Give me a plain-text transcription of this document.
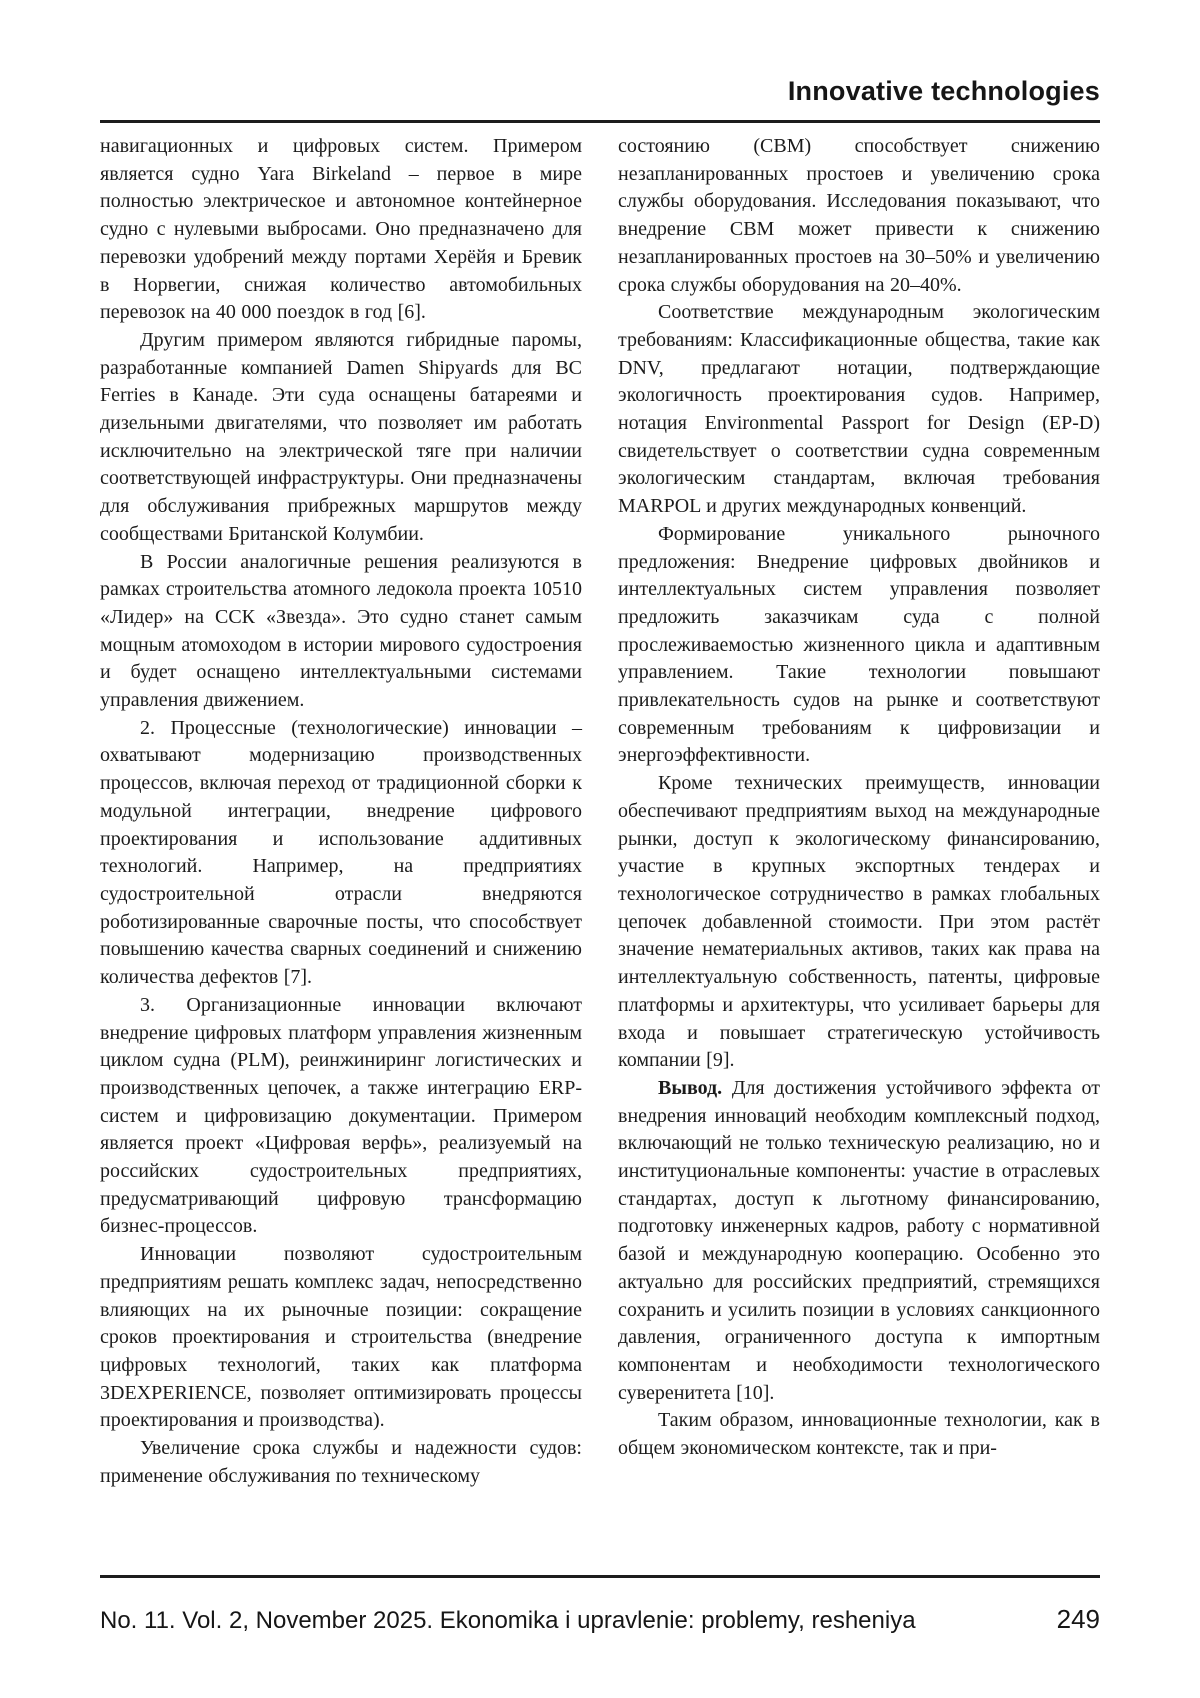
Innovative technologies

навигационных и цифровых систем. Примером является судно Yara Birkeland – первое в мире полностью электрическое и автономное контейнерное судно с нулевыми выбросами. Оно предназначено для перевозки удобрений между портами Херёйя и Бревик в Норвегии, снижая количество автомобильных перевозок на 40 000 поездок в год [6].

Другим примером являются гибридные паромы, разработанные компанией Damen Shipyards для BC Ferries в Канаде. Эти суда оснащены батареями и дизельными двигателями, что позволяет им работать исключительно на электрической тяге при наличии соответствующей инфраструктуры. Они предназначены для обслуживания прибрежных маршрутов между сообществами Британской Колумбии.

В России аналогичные решения реализуются в рамках строительства атомного ледокола проекта 10510 «Лидер» на ССК «Звезда». Это судно станет самым мощным атомоходом в истории мирового судостроения и будет оснащено интеллектуальными системами управления движением.

2. Процессные (технологические) инновации – охватывают модернизацию производственных процессов, включая переход от традиционной сборки к модульной интеграции, внедрение цифрового проектирования и использование аддитивных технологий. Например, на предприятиях судостроительной отрасли внедряются роботизированные сварочные посты, что способствует повышению качества сварных соединений и снижению количества дефектов [7].

3. Организационные инновации включают внедрение цифровых платформ управления жизненным циклом судна (PLM), реинжиниринг логистических и производственных цепочек, а также интеграцию ERP-систем и цифровизацию документации. Примером является проект «Цифровая верфь», реализуемый на российских судостроительных предприятиях, предусматривающий цифровую трансформацию бизнес-процессов.

Инновации позволяют судостроительным предприятиям решать комплекс задач, непосредственно влияющих на их рыночные позиции: сокращение сроков проектирования и строительства (внедрение цифровых технологий, таких как платформа 3DEXPERIENCE, позволяет оптимизировать процессы проектирования и производства).

Увеличение срока службы и надежности судов: применение обслуживания по техническому

состоянию (CBM) способствует снижению незапланированных простоев и увеличению срока службы оборудования. Исследования показывают, что внедрение CBM может привести к снижению незапланированных простоев на 30–50% и увеличению срока службы оборудования на 20–40%.

Соответствие международным экологическим требованиям: Классификационные общества, такие как DNV, предлагают нотации, подтверждающие экологичность проектирования судов. Например, нотация Environmental Passport for Design (EP-D) свидетельствует о соответствии судна современным экологическим стандартам, включая требования MARPOL и других международных конвенций.

Формирование уникального рыночного предложения: Внедрение цифровых двойников и интеллектуальных систем управления позволяет предложить заказчикам суда с полной прослеживаемостью жизненного цикла и адаптивным управлением. Такие технологии повышают привлекательность судов на рынке и соответствуют современным требованиям к цифровизации и энергоэффективности.

Кроме технических преимуществ, инновации обеспечивают предприятиям выход на международные рынки, доступ к экологическому финансированию, участие в крупных экспортных тендерах и технологическое сотрудничество в рамках глобальных цепочек добавленной стоимости. При этом растёт значение нематериальных активов, таких как права на интеллектуальную собственность, патенты, цифровые платформы и архитектуры, что усиливает барьеры для входа и повышает стратегическую устойчивость компании [9].

Вывод. Для достижения устойчивого эффекта от внедрения инноваций необходим комплексный подход, включающий не только техническую реализацию, но и институциональные компоненты: участие в отраслевых стандартах, доступ к льготному финансированию, подготовку инженерных кадров, работу с нормативной базой и международную кооперацию. Особенно это актуально для российских предприятий, стремящихся сохранить и усилить позиции в условиях санкционного давления, ограниченного доступа к импортным компонентам и необходимости технологического суверенитета [10].

Таким образом, инновационные технологии, как в общем экономическом контексте, так и при-

No. 11. Vol. 2, November 2025. Ekonomika i upravlenie: problemy, resheniya	249
